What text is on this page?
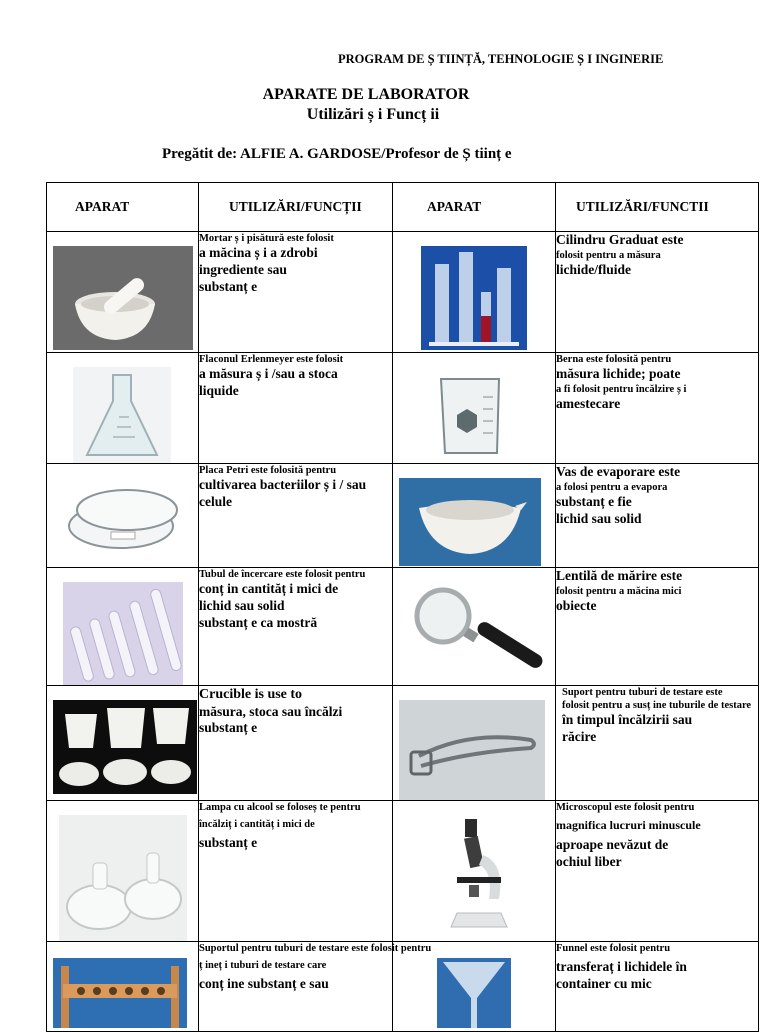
PROGRAM DE Ș TIINȚĂ, TEHNOLOGIE Ș I INGINERIE
APARATE DE LABORATOR
Utilizări ș i Funcț ii
Pregătit de: ALFIE A. GARDOSE/Profesor de Ș tiinț e
APARAT	UTILIZĂRI/FUNCȚII	APARAT	UTILIZĂRI/FUNCTII

Mortar ș i pisătură este folosit
a măcina ș i a zdrobi
ingrediente sau
substanț e		Cilindru Graduat este
folosit pentru a măsura
lichide/fluide

Flaconul Erlenmeyer este folosit
a măsura ș i /sau a stoca
liquide		Berna este folosită pentru
măsura lichide; poate
a fi folosit pentru încălzire ș i
amestecare

Placa Petri este folosită pentru
cultivarea bacteriilor ș i / sau
celule		Vas de evaporare este
a folosi pentru a evapora
substanț e fie
lichid sau solid

Tubul de încercare este folosit pentru
conț in cantităț i mici de
lichid sau solid
substanț e ca mostră		Lentilă de mărire este
folosit pentru a măcina mici
obiecte

Crucible is use to
măsura, stoca sau încălzi
substanț e		Suport pentru tuburi de testare este
folosit pentru a susț ine tuburile de testare
în timpul încălzirii sau
răcire

Lampa cu alcool se foloseș te pentru
încălziț i cantităț i mici de
substanț e		Microscopul este folosit pentru
magnifica lucruri minuscule
aproape nevăzut de
ochiul liber

Suportul pentru tuburi de testare este folosit pentru
ț ineț i tuburi de testare care
conț ine substanț e sau		Funnel este folosit pentru
transferaț i lichidele în
container cu mic
